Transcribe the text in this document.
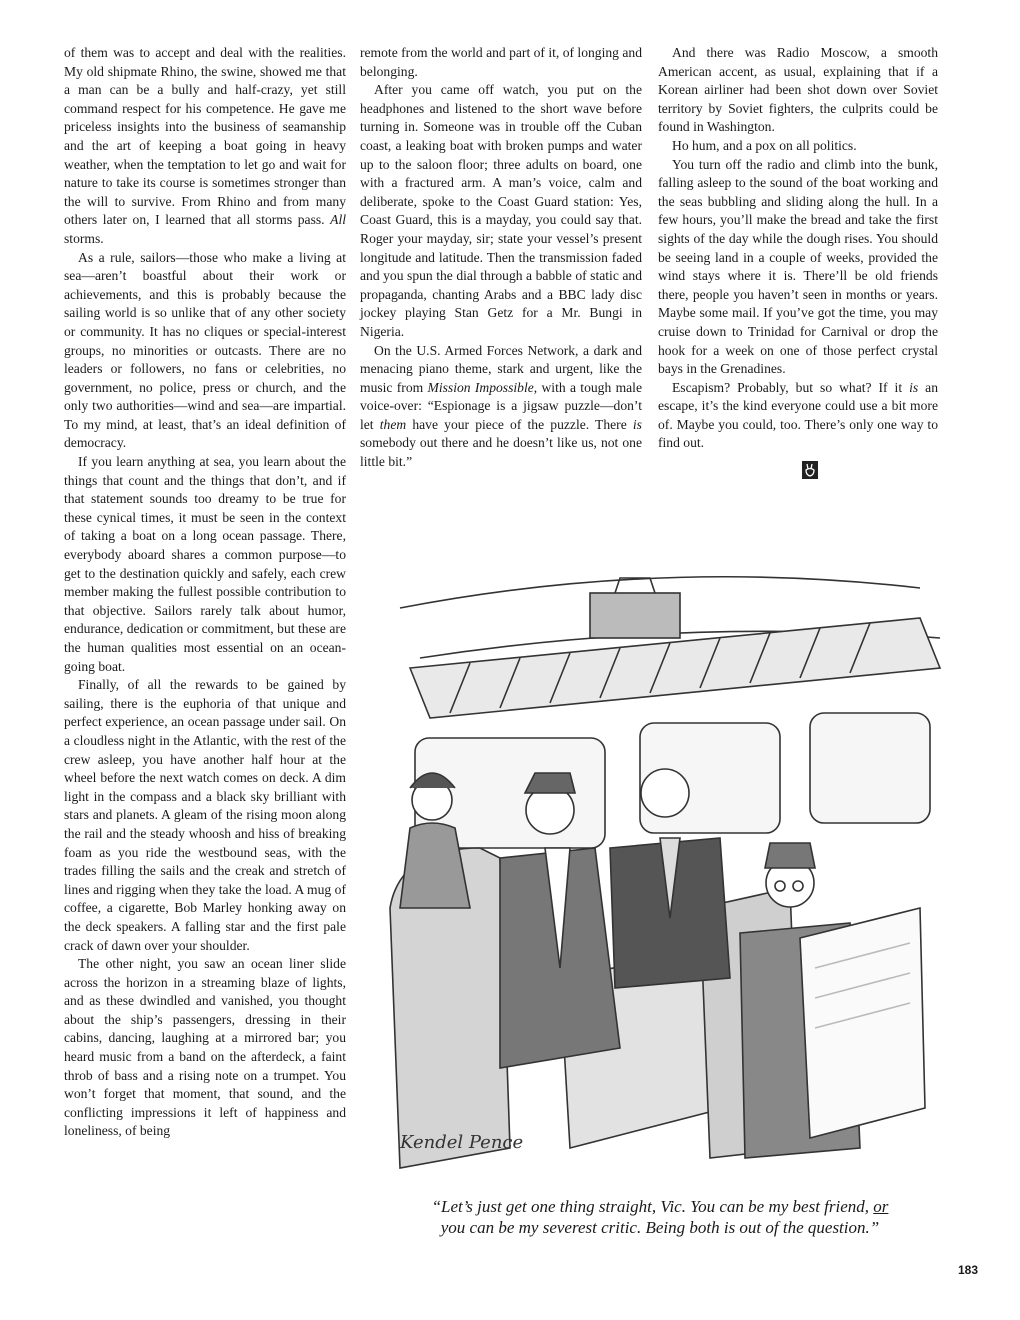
of them was to accept and deal with the realities. My old shipmate Rhino, the swine, showed me that a man can be a bully and half-crazy, yet still command respect for his competence. He gave me priceless insights into the business of seamanship and the art of keeping a boat going in heavy weather, when the temptation to let go and wait for nature to take its course is sometimes stronger than the will to survive. From Rhino and from many others later on, I learned that all storms pass. All storms.

As a rule, sailors—those who make a living at sea—aren’t boastful about their work or achievements, and this is probably because the sailing world is so unlike that of any other society or community. It has no cliques or special-interest groups, no minorities or outcasts. There are no leaders or followers, no fans or celebrities, no government, no police, press or church, and the only two authorities—wind and sea—are impartial. To my mind, at least, that’s an ideal definition of democracy.

If you learn anything at sea, you learn about the things that count and the things that don’t, and if that statement sounds too dreamy to be true for these cynical times, it must be seen in the context of taking a boat on a long ocean passage. There, everybody aboard shares a common purpose—to get to the destination quickly and safely, each crew member making the fullest possible contribution to that objective. Sailors rarely talk about humor, endurance, dedication or commitment, but these are the human qualities most essential on an ocean-going boat.

Finally, of all the rewards to be gained by sailing, there is the euphoria of that unique and perfect experience, an ocean passage under sail. On a cloudless night in the Atlantic, with the rest of the crew asleep, you have another half hour at the wheel before the next watch comes on deck. A dim light in the compass and a black sky brilliant with stars and planets. A gleam of the rising moon along the rail and the steady whoosh and hiss of breaking foam as you ride the westbound seas, with the trades filling the sails and the creak and stretch of lines and rigging when they take the load. A mug of coffee, a cigarette, Bob Marley honking away on the deck speakers. A falling star and the first pale crack of dawn over your shoulder.

The other night, you saw an ocean liner slide across the horizon in a streaming blaze of lights, and as these dwindled and vanished, you thought about the ship’s passengers, dressing in their cabins, dancing, laughing at a mirrored bar; you heard music from a band on the afterdeck, a faint throb of bass and a rising note on a trumpet. You won’t forget that moment, that sound, and the conflicting impressions it left of happiness and loneliness, of being

remote from the world and part of it, of longing and belonging.

After you came off watch, you put on the headphones and listened to the short wave before turning in. Someone was in trouble off the Cuban coast, a leaking boat with broken pumps and water up to the saloon floor; three adults on board, one with a fractured arm. A man’s voice, calm and deliberate, spoke to the Coast Guard station: Yes, Coast Guard, this is a mayday, you could say that. Roger your mayday, sir; state your vessel’s present longitude and latitude. Then the transmission faded and you spun the dial through a babble of static and propaganda, chanting Arabs and a BBC lady disc jockey playing Stan Getz for a Mr. Bungi in Nigeria.

On the U.S. Armed Forces Network, a dark and menacing piano theme, stark and urgent, like the music from Mission Impossible, with a tough male voice-over: “Espionage is a jigsaw puzzle—don’t let them have your piece of the puzzle. There is somebody out there and he doesn’t like us, not one little bit.”

And there was Radio Moscow, a smooth American accent, as usual, explaining that if a Korean airliner had been shot down over Soviet territory by Soviet fighters, the culprits could be found in Washington.

Ho hum, and a pox on all politics.

You turn off the radio and climb into the bunk, falling asleep to the sound of the boat working and the seas bubbling and sliding along the hull. In a few hours, you’ll make the bread and take the first sights of the day while the dough rises. You should be seeing land in a couple of weeks, provided the wind stays where it is. There’ll be old friends there, people you haven’t seen in months or years. Maybe some mail. If you’ve got the time, you may cruise down to Trinidad for Carnival or drop the hook for a week on one of those perfect crystal bays in the Grenadines.

Escapism? Probably, but so what? If it is an escape, it’s the kind everyone could use a bit more of. Maybe you could, too. There’s only one way to find out.

Kendel Pence
“Let’s just get one thing straight, Vic. You can be my best friend, or you can be my severest critic. Being both is out of the question.”
183
